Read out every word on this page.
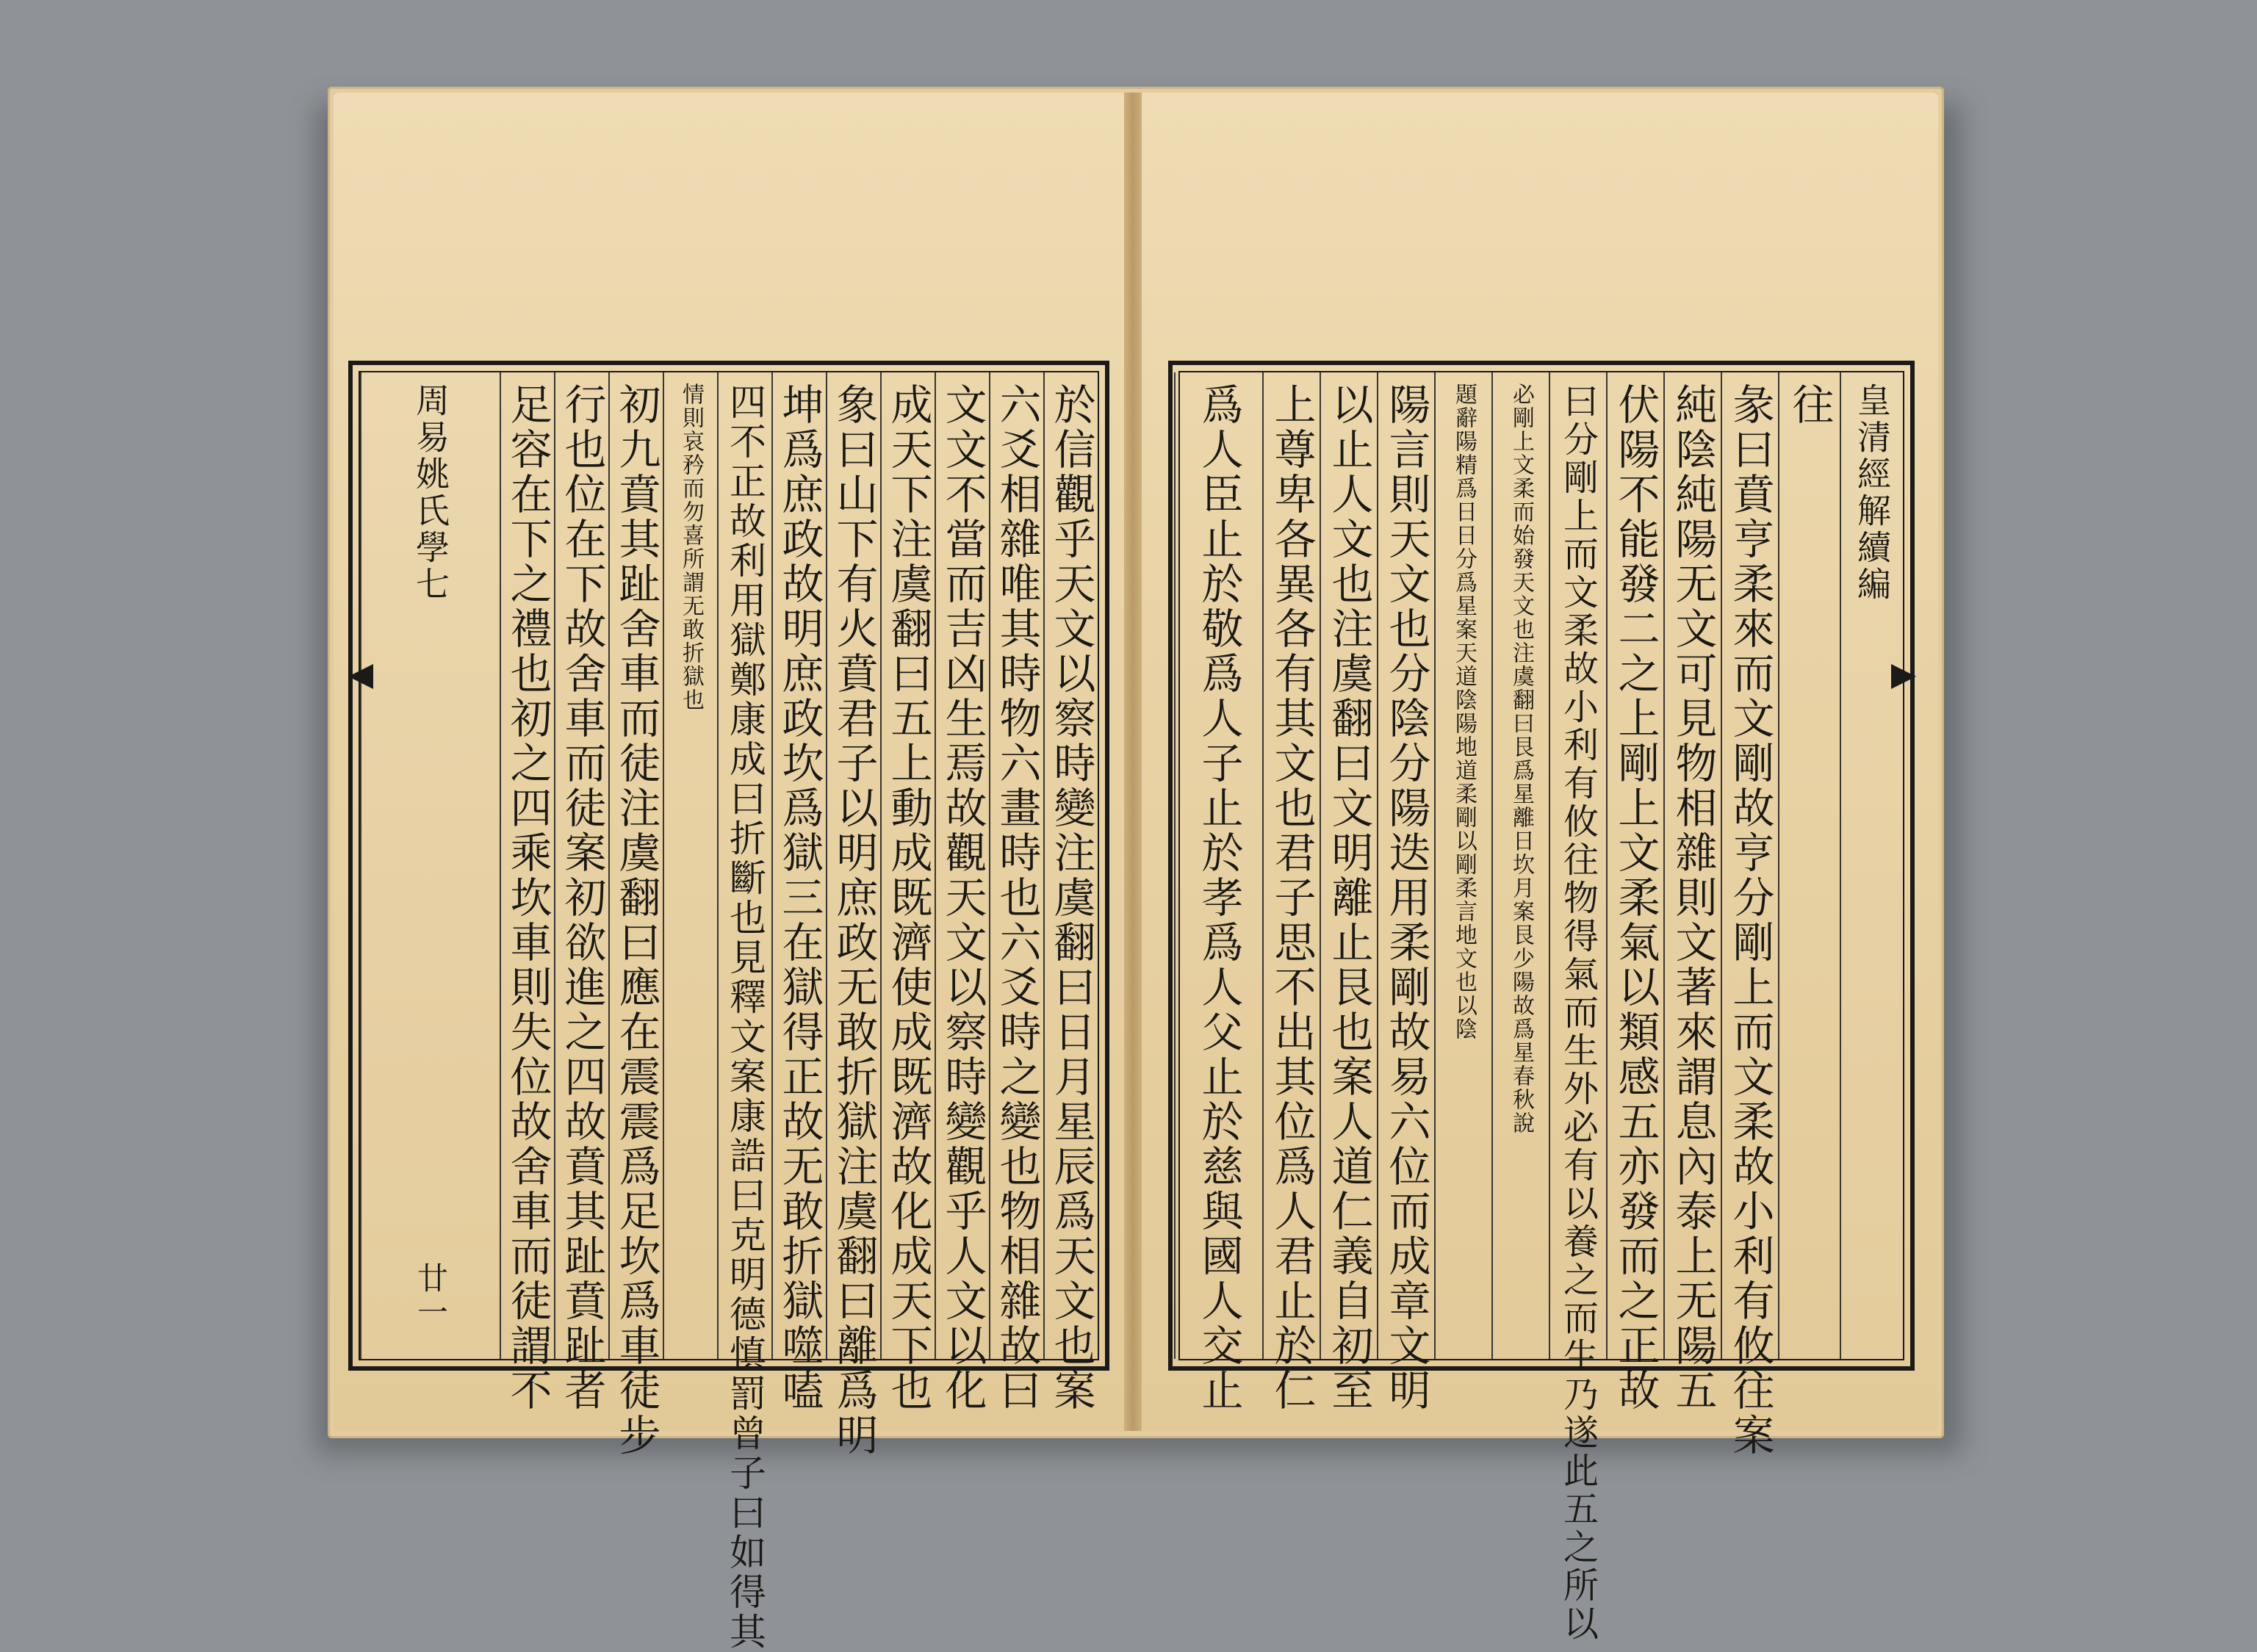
於信觀乎天文以察時變注虞翻曰日月星辰爲天文也案
六爻相雜唯其時物六畫時也六爻時之變也物相雜故曰
文文不當而吉凶生焉故觀天文以察時變觀乎人文以化
成天下注虞翻曰五上動成既濟使成既濟故化成天下也
象曰山下有火賁君子以明庶政无敢折獄注虞翻曰離爲明
坤爲庶政故明庶政坎爲獄三在獄得正故无敢折獄噬嗑
四不正故利用獄鄭康成曰折斷也見釋文案康誥曰克明德慎罰曾子曰如得其
情則哀矜而勿喜所謂无敢折獄也
初九賁其趾舍車而徒注虞翻曰應在震震爲足坎爲車徒步
行也位在下故舍車而徒案初欲進之四故賁其趾賁趾者
足容在下之禮也初之四乘坎車則失位故舍車而徒謂不
周易姚氏學七
廿一
皇清經解續編
往
彖曰賁亨柔來而文剛故亨分剛上而文柔故小利有攸往案
純陰純陽无文可見物相雜則文著來謂息內泰上无陽五
伏陽不能發二之上剛上文柔氣以類感五亦發而之正故
曰分剛上而文柔故小利有攸往物得氣而生外必有以養之而生乃遂此五之所以
必剛上文柔而始發天文也注虞翻曰艮爲星離日坎月案艮少陽故爲星春秋說
題辭陽精爲日日分爲星案天道陰陽地道柔剛以剛柔言地文也以陰
陽言則天文也分陰分陽迭用柔剛故易六位而成章文明
以止人文也注虞翻曰文明離止艮也案人道仁義自初至
上尊卑各異各有其文也君子思不出其位爲人君止於仁
爲人臣止於敬爲人子止於孝爲人父止於慈與國人交止
